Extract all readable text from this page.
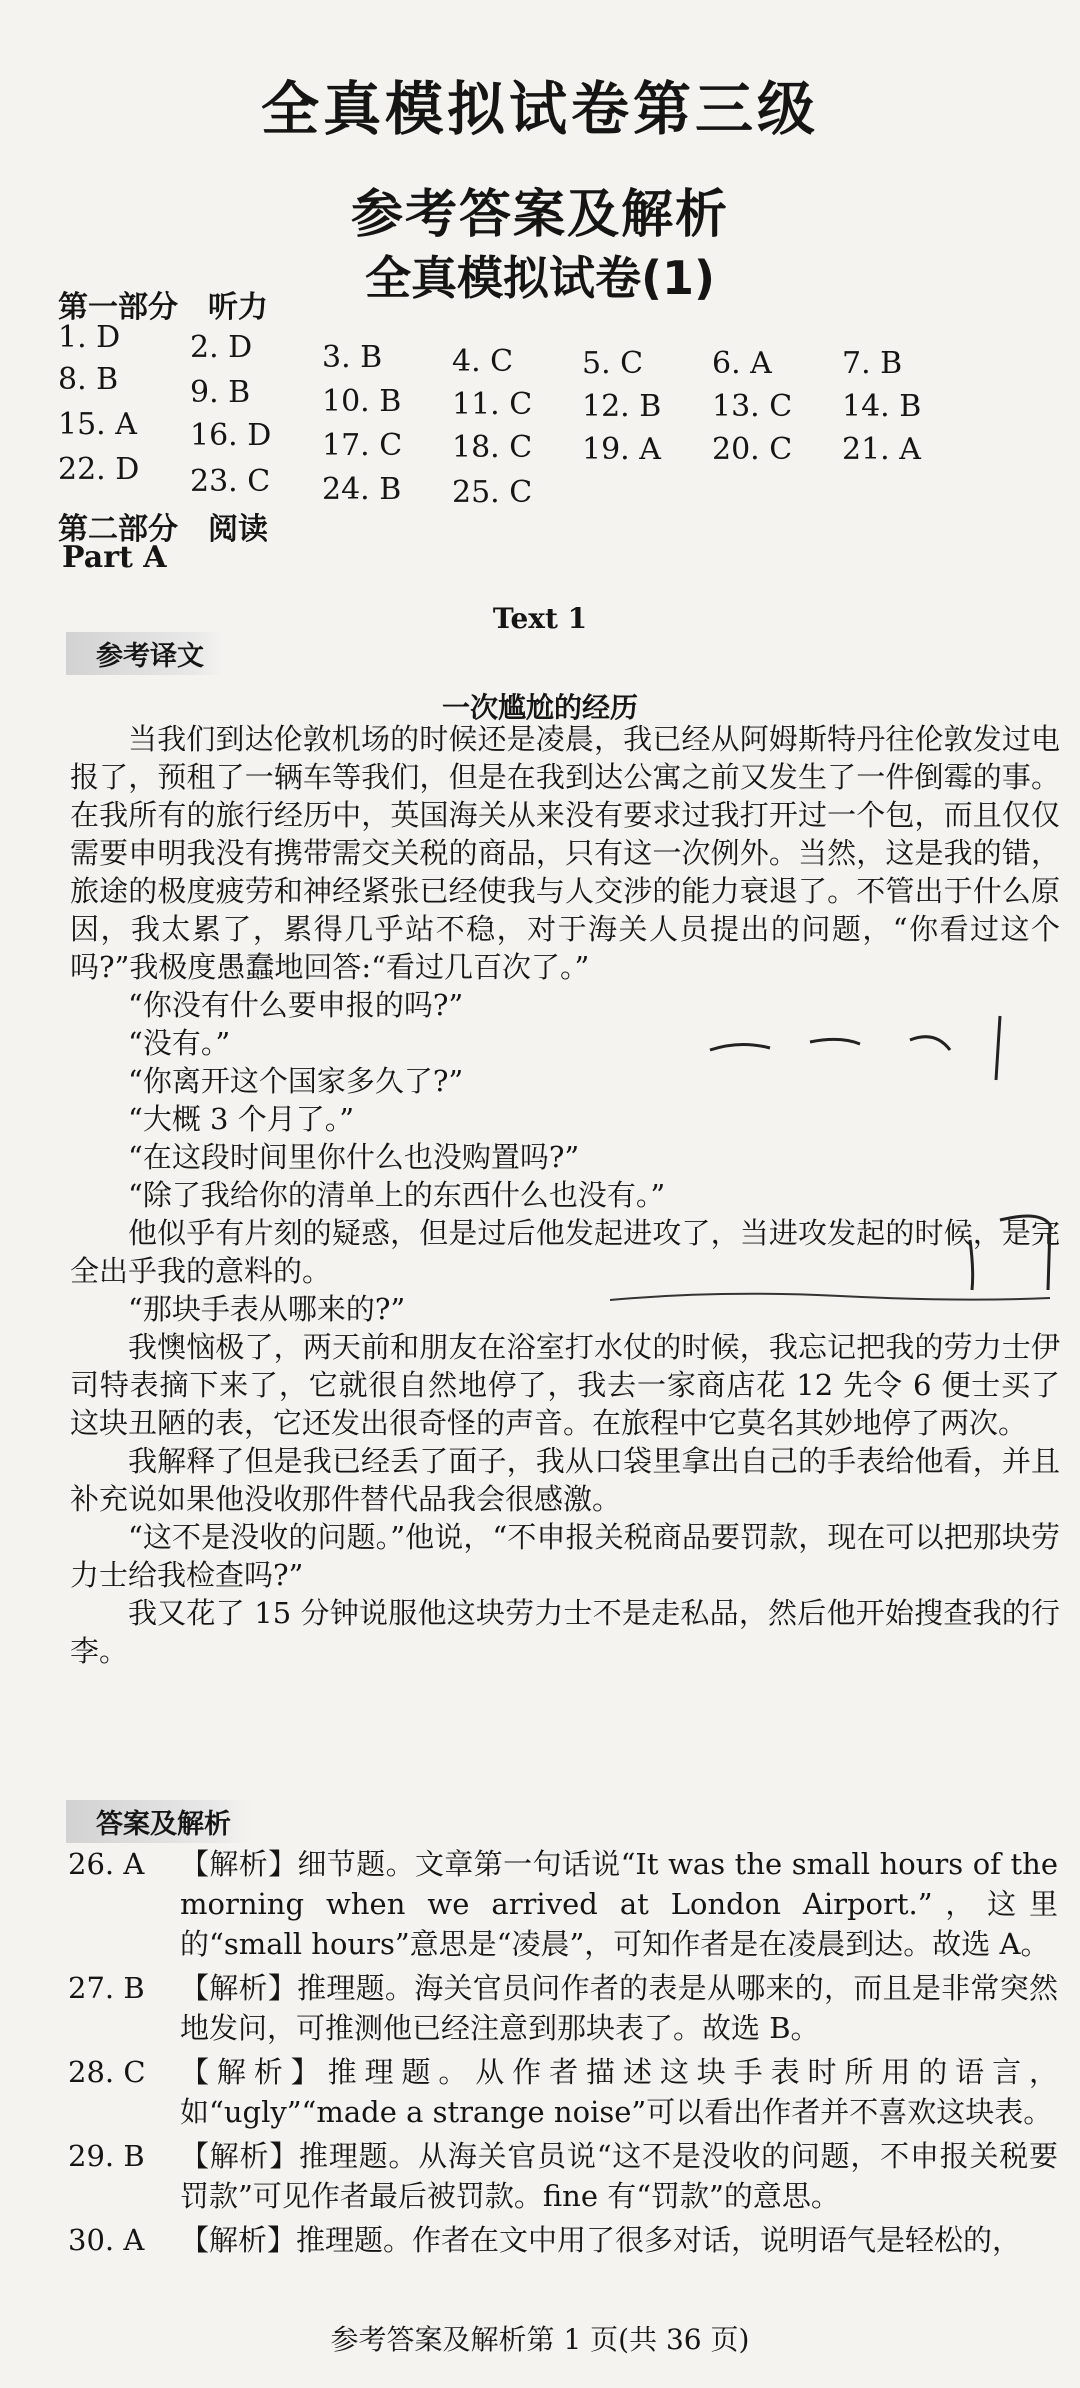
全真模拟试卷第三级
参考答案及解析
全真模拟试卷(1)
第一部分　听力
1. D 2. D 3. B 4. C 5. C 6. A 7. B
8. B 9. B 10. B 11. C 12. B 13. C 14. B
15. A 16. D 17. C 18. C 19. A 20. C 21. A
22. D 23. C 24. B 25. C
第二部分　阅读
Part A
Text 1
参考译文
一次尴尬的经历

当我们到达伦敦机场的时候还是凌晨，我已经从阿姆斯特丹往伦敦发过电报了，预租了一辆车等我们，但是在我到达公寓之前又发生了一件倒霉的事。在我所有的旅行经历中，英国海关从来没有要求过我打开过一个包，而且仅仅需要申明我没有携带需交关税的商品，只有这一次例外。当然，这是我的错，旅途的极度疲劳和神经紧张已经使我与人交涉的能力衰退了。不管出于什么原因，我太累了，累得几乎站不稳，对于海关人员提出的问题，“你看过这个吗?”我极度愚蠢地回答:“看过几百次了。”

“你没有什么要申报的吗?”

“没有。”

“你离开这个国家多久了?”

“大概 3 个月了。”

“在这段时间里你什么也没购置吗?”

“除了我给你的清单上的东西什么也没有。”

他似乎有片刻的疑惑，但是过后他发起进攻了，当进攻发起的时候，是完全出乎我的意料的。

“那块手表从哪来的?”

我懊恼极了，两天前和朋友在浴室打水仗的时候，我忘记把我的劳力士伊司特表摘下来了，它就很自然地停了，我去一家商店花 12 先令 6 便士买了这块丑陋的表，它还发出很奇怪的声音。在旅程中它莫名其妙地停了两次。

我解释了但是我已经丢了面子，我从口袋里拿出自己的手表给他看，并且补充说如果他没收那件替代品我会很感激。

“这不是没收的问题。”他说，“不申报关税商品要罚款，现在可以把那块劳力士给我检查吗?”

我又花了 15 分钟说服他这块劳力士不是走私品，然后他开始搜查我的行李。

答案及解析
26. A	【解析】细节题。文章第一句话说“It was the small hours of the morning when we arrived at London Airport.”，这里的“small hours”意思是“凌晨”，可知作者是在凌晨到达。故选 A。
27. B	【解析】推理题。海关官员问作者的表是从哪来的，而且是非常突然地发问，可推测他已经注意到那块表了。故选 B。
28. C	【解析】推理题。从作者描述这块手表时所用的语言，如“ugly”“made a strange noise”可以看出作者并不喜欢这块表。
29. B	【解析】推理题。从海关官员说“这不是没收的问题，不申报关税要罚款”可见作者最后被罚款。fine 有“罚款”的意思。
30. A	【解析】推理题。作者在文中用了很多对话，说明语气是轻松的，
参考答案及解析第 1 页(共 36 页)
